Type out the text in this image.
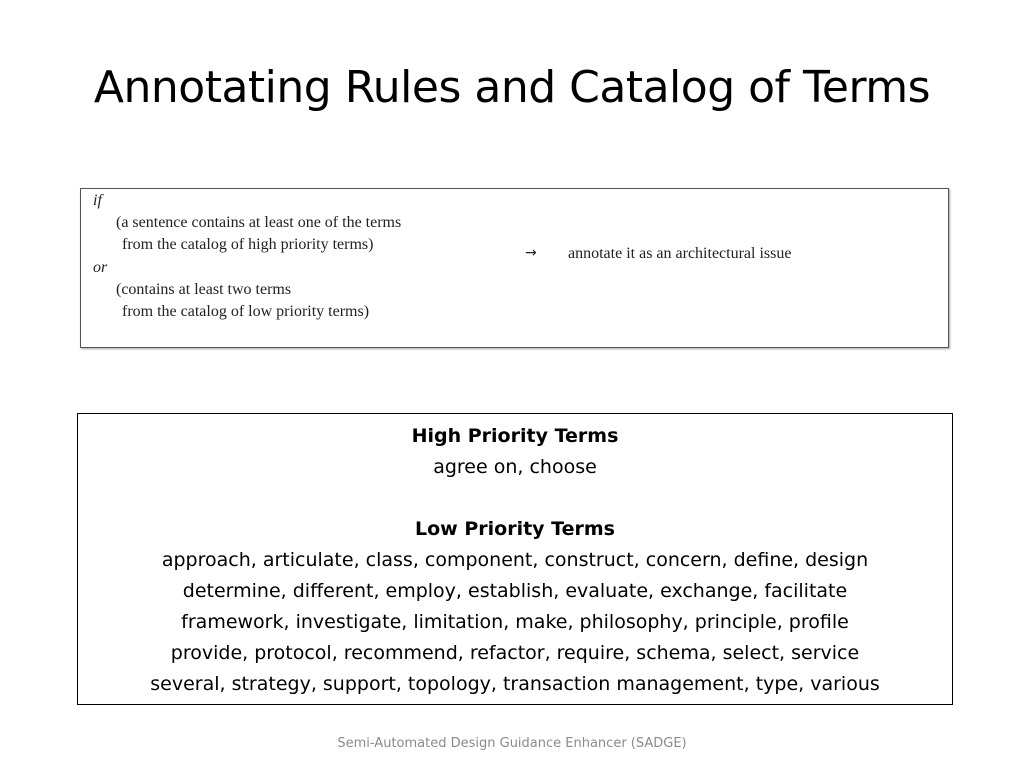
Annotating Rules and Catalog of Terms
if
(a sentence contains at least one of the terms
from the catalog of high priority terms)
or
(contains at least two terms
from the catalog of low priority terms)
→ annotate it as an architectural issue
High Priority Terms
agree on, choose
Low Priority Terms
approach, articulate, class, component, construct, concern, define, design
determine, different, employ, establish, evaluate, exchange, facilitate
framework, investigate, limitation, make, philosophy, principle, profile
provide, protocol, recommend, refactor, require, schema, select, service
several, strategy, support, topology, transaction management, type, various
Semi-Automated Design Guidance Enhancer (SADGE)
